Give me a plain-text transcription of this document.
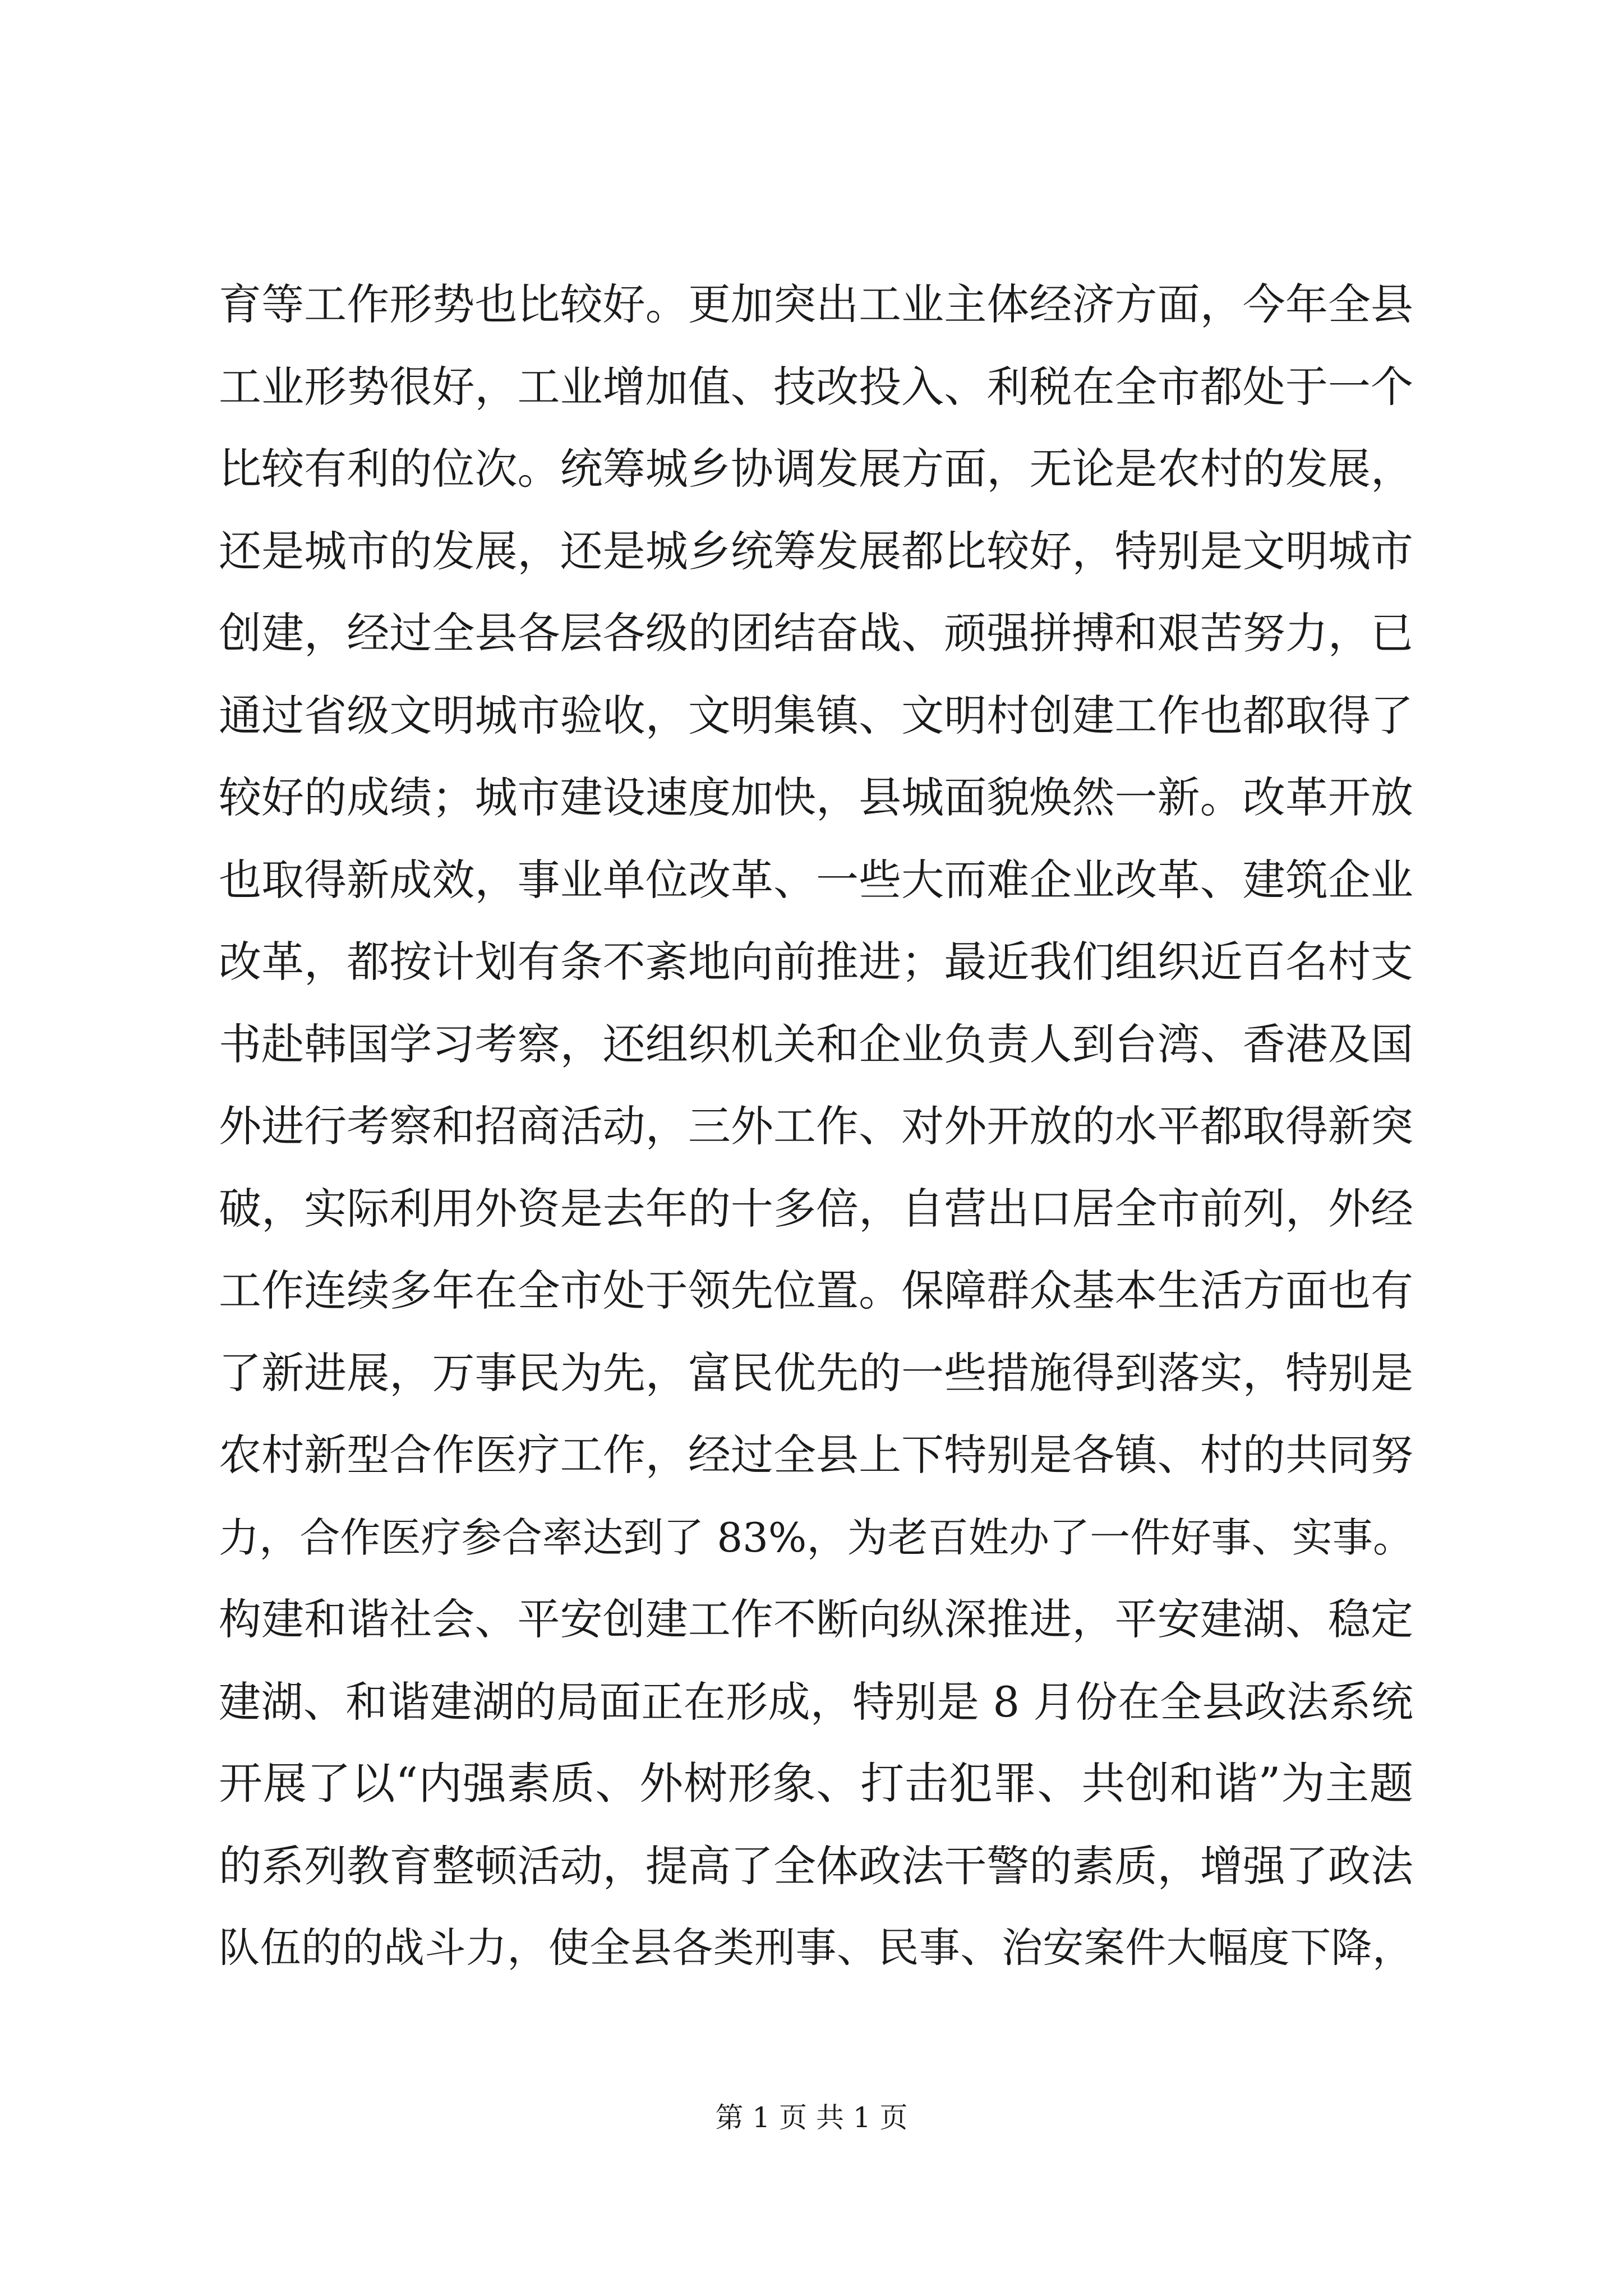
育等工作形势也比较好。更加突出工业主体经济方面，今年全县
工业形势很好，工业增加值、技改投入、利税在全市都处于一个
比较有利的位次。统筹城乡协调发展方面，无论是农村的发展，
还是城市的发展，还是城乡统筹发展都比较好，特别是文明城市
创建，经过全县各层各级的团结奋战、顽强拼搏和艰苦努力，已
通过省级文明城市验收，文明集镇、文明村创建工作也都取得了
较好的成绩；城市建设速度加快，县城面貌焕然一新。改革开放
也取得新成效，事业单位改革、一些大而难企业改革、建筑企业
改革，都按计划有条不紊地向前推进；最近我们组织近百名村支
书赴韩国学习考察，还组织机关和企业负责人到台湾、香港及国
外进行考察和招商活动，三外工作、对外开放的水平都取得新突
破，实际利用外资是去年的十多倍，自营出口居全市前列，外经
工作连续多年在全市处于领先位置。保障群众基本生活方面也有
了新进展，万事民为先，富民优先的一些措施得到落实，特别是
农村新型合作医疗工作，经过全县上下特别是各镇、村的共同努
力，合作医疗参合率达到了 83%，为老百姓办了一件好事、实事。
构建和谐社会、平安创建工作不断向纵深推进，平安建湖、稳定
建湖、和谐建湖的局面正在形成，特别是 8 月份在全县政法系统
开展了以“内强素质、外树形象、打击犯罪、共创和谐”为主题
的系列教育整顿活动，提高了全体政法干警的素质，增强了政法
队伍的的战斗力，使全县各类刑事、民事、治安案件大幅度下降，
第 1 页 共 1 页
